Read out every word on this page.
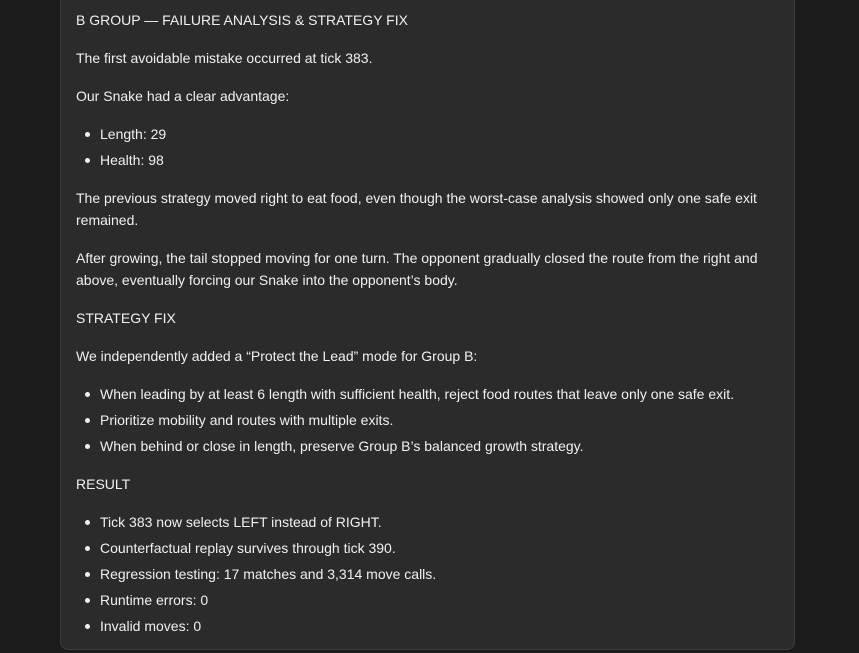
B GROUP — FAILURE ANALYSIS & STRATEGY FIX

The first avoidable mistake occurred at tick 383.

Our Snake had a clear advantage:

Length: 29
Health: 98

The previous strategy moved right to eat food, even though the worst-case analysis showed only one safe exit remained.

After growing, the tail stopped moving for one turn. The opponent gradually closed the route from the right and above, eventually forcing our Snake into the opponent’s body.

STRATEGY FIX

We independently added a “Protect the Lead” mode for Group B:

When leading by at least 6 length with sufficient health, reject food routes that leave only one safe exit.
Prioritize mobility and routes with multiple exits.
When behind or close in length, preserve Group B’s balanced growth strategy.

RESULT

Tick 383 now selects LEFT instead of RIGHT.
Counterfactual replay survives through tick 390.
Regression testing: 17 matches and 3,314 move calls.
Runtime errors: 0
Invalid moves: 0
